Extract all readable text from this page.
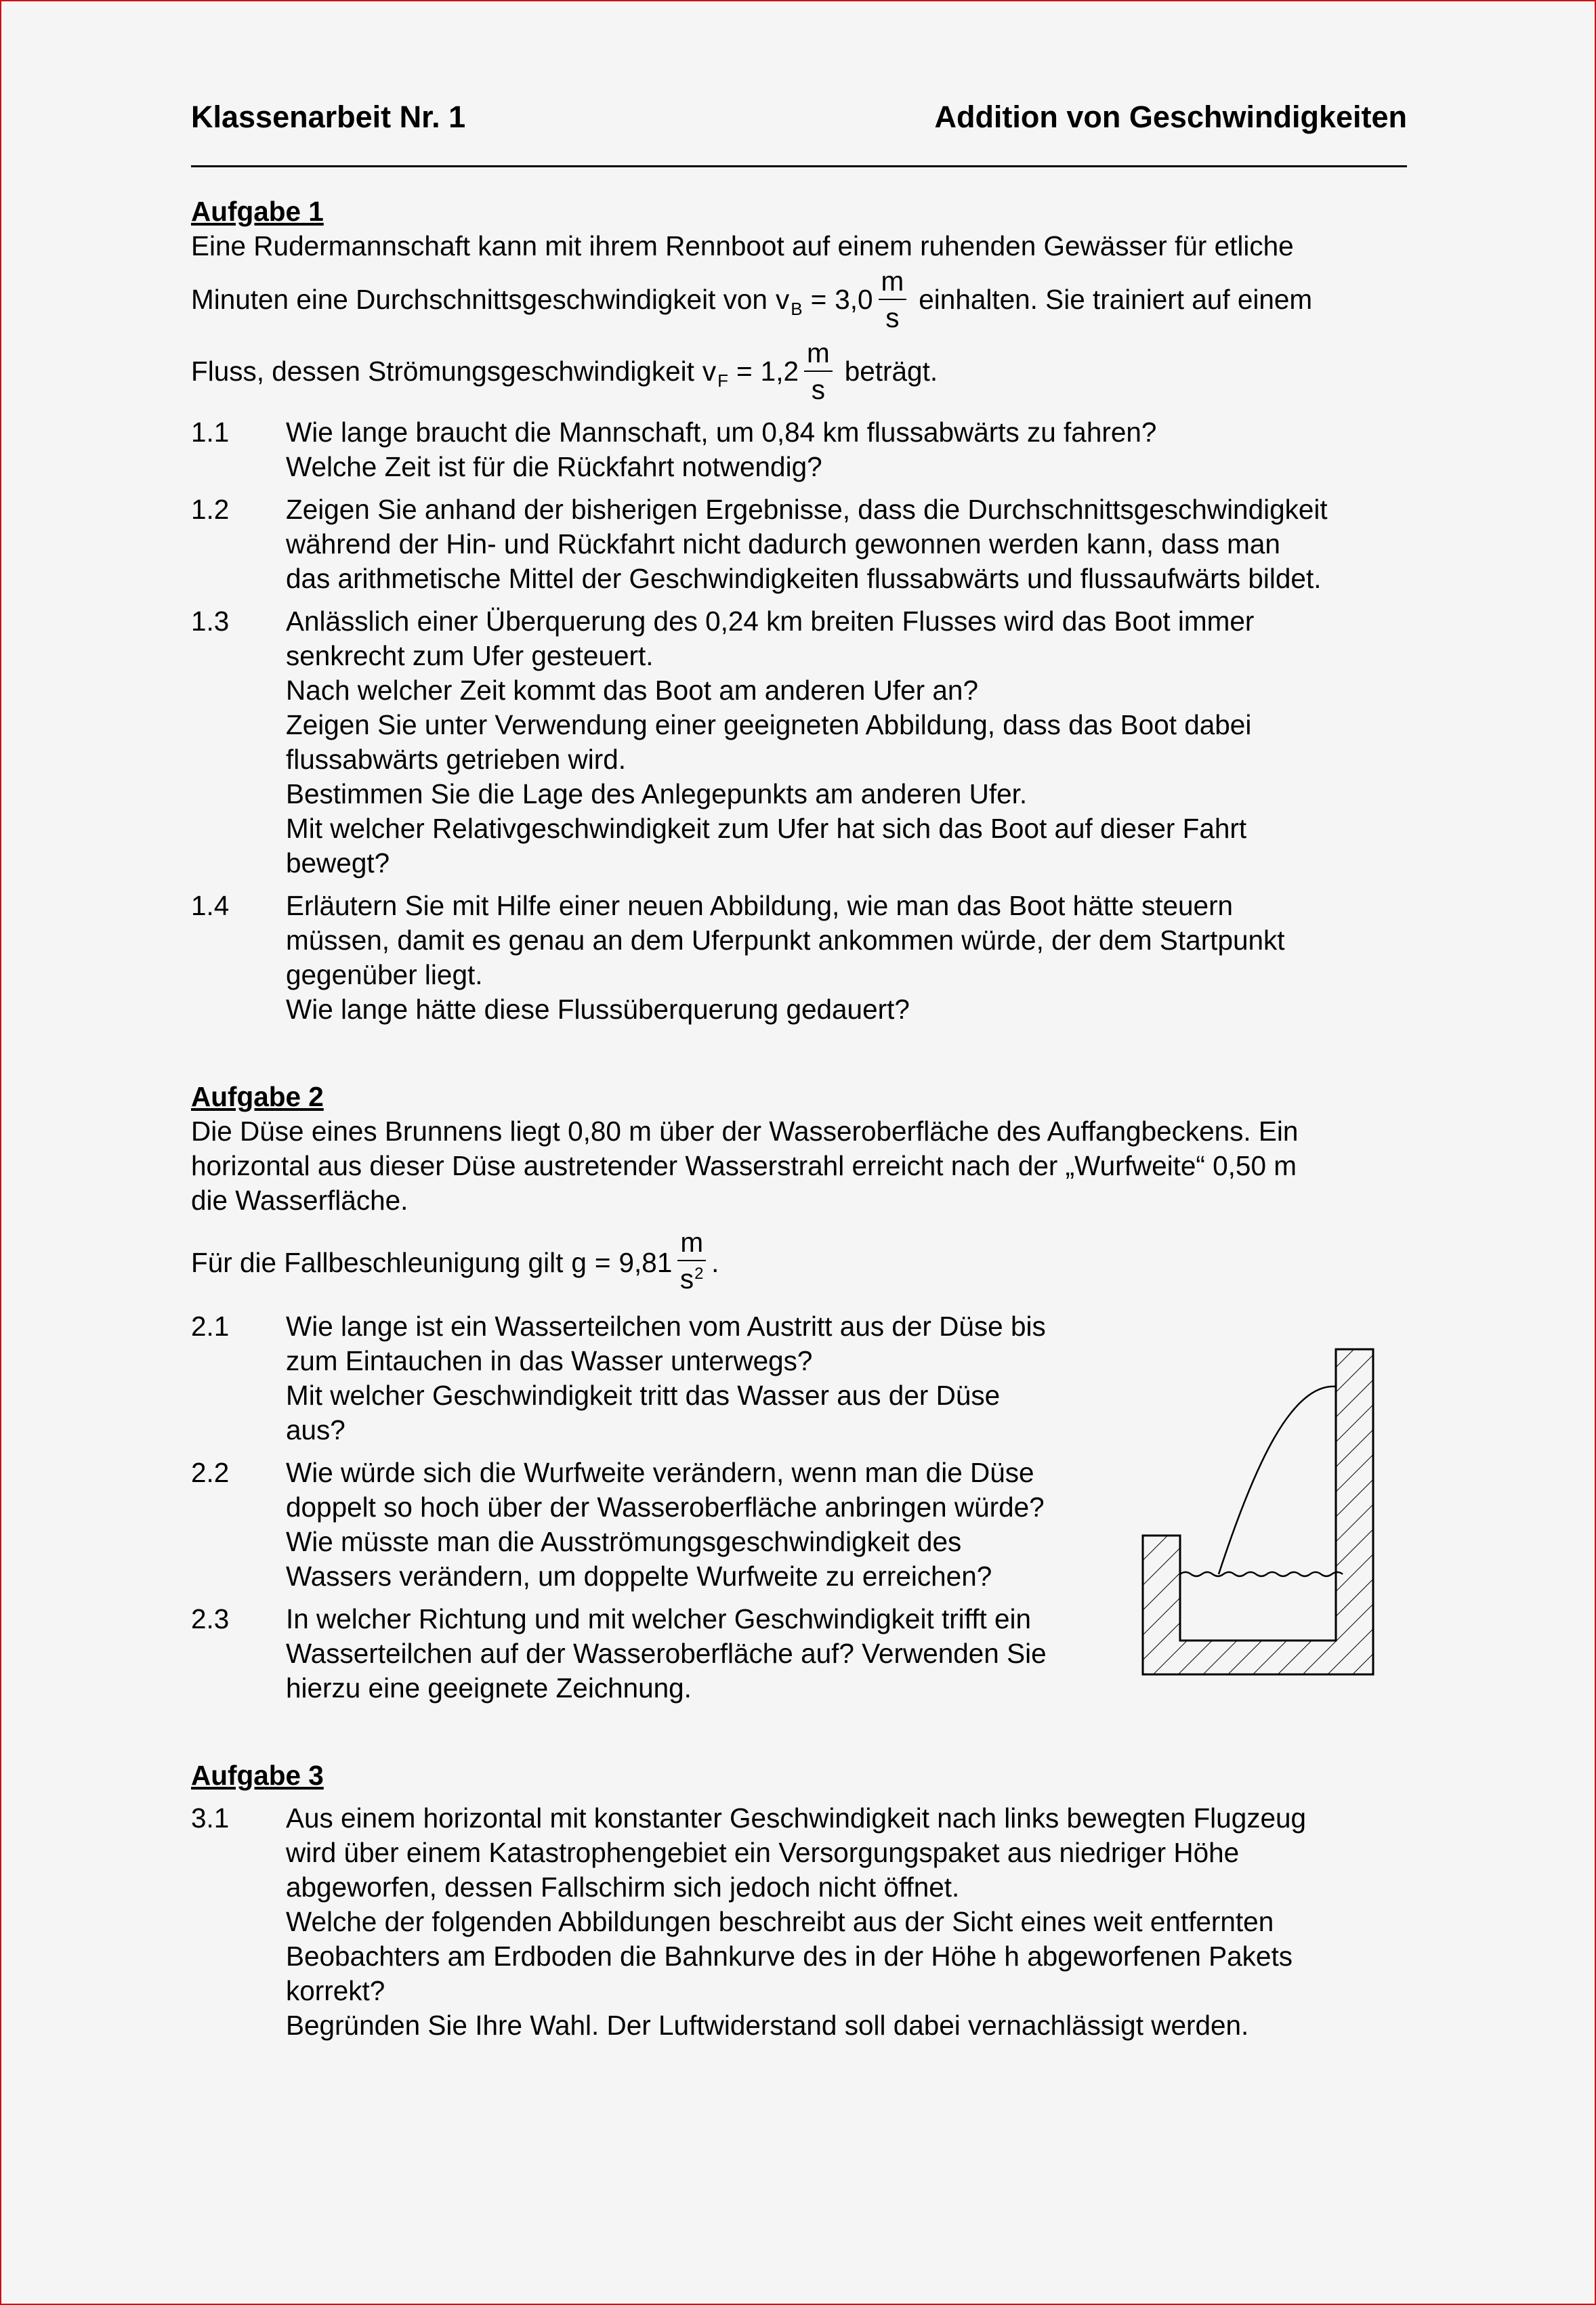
Klassenarbeit Nr. 1	Addition von Geschwindigkeiten
Aufgabe 1

Eine Rudermannschaft kann mit ihrem Rennboot auf einem ruhenden Gewässer für etliche

Minuten eine Durchschnittsgeschwindigkeit von v $B = 3,0 \frac{m}{s}$ einhalten. Sie trainiert auf einem
Fluss, dessen Strömungsgeschwindigkeit v $F = 1,2 \frac{m}{s}$ beträgt.
1.1	Wie lange braucht die Mannschaft, um 0,84 km flussabwärts zu fahren?
Welche Zeit ist für die Rückfahrt notwendig?
1.2	Zeigen Sie anhand der bisherigen Ergebnisse, dass die Durchschnittsgeschwindigkeit
während der Hin- und Rückfahrt nicht dadurch gewonnen werden kann, dass man
das arithmetische Mittel der Geschwindigkeiten flussabwärts und flussaufwärts bildet.
1.3	Anlässlich einer Überquerung des 0,24 km breiten Flusses wird das Boot immer
senkrecht zum Ufer gesteuert.
Nach welcher Zeit kommt das Boot am anderen Ufer an?
Zeigen Sie unter Verwendung einer geeigneten Abbildung, dass das Boot dabei
flussabwärts getrieben wird.
Bestimmen Sie die Lage des Anlegepunkts am anderen Ufer.
Mit welcher Relativgeschwindigkeit zum Ufer hat sich das Boot auf dieser Fahrt
bewegt?
1.4	Erläutern Sie mit Hilfe einer neuen Abbildung, wie man das Boot hätte steuern
müssen, damit es genau an dem Uferpunkt ankommen würde, der dem Startpunkt
gegenüber liegt.
Wie lange hätte diese Flussüberquerung gedauert?
Aufgabe 2

Die Düse eines Brunnens liegt 0,80 m über der Wasseroberfläche des Auffangbeckens. Ein

horizontal aus dieser Düse austretender Wasserstrahl erreicht nach der „Wurfweite“ 0,50 m

die Wasserfläche.

Für die Fallbeschleunigung gilt $g = 9,81 \frac{m}{s^2}$ .
2.1	Wie lange ist ein Wasserteilchen vom Austritt aus der Düse bis
zum Eintauchen in das Wasser unterwegs?
Mit welcher Geschwindigkeit tritt das Wasser aus der Düse
aus?
2.2	Wie würde sich die Wurfweite verändern, wenn man die Düse
doppelt so hoch über der Wasseroberfläche anbringen würde?
Wie müsste man die Ausströmungsgeschwindigkeit des
Wassers verändern, um doppelte Wurfweite zu erreichen?
2.3	In welcher Richtung und mit welcher Geschwindigkeit trifft ein
Wasserteilchen auf der Wasseroberfläche auf? Verwenden Sie
hierzu eine geeignete Zeichnung.
Aufgabe 3
3.1	Aus einem horizontal mit konstanter Geschwindigkeit nach links bewegten Flugzeug
wird über einem Katastrophengebiet ein Versorgungspaket aus niedriger Höhe
abgeworfen, dessen Fallschirm sich jedoch nicht öffnet.
Welche der folgenden Abbildungen beschreibt aus der Sicht eines weit entfernten
Beobachters am Erdboden die Bahnkurve des in der Höhe h abgeworfenen Pakets
korrekt?
Begründen Sie Ihre Wahl. Der Luftwiderstand soll dabei vernachlässigt werden.
